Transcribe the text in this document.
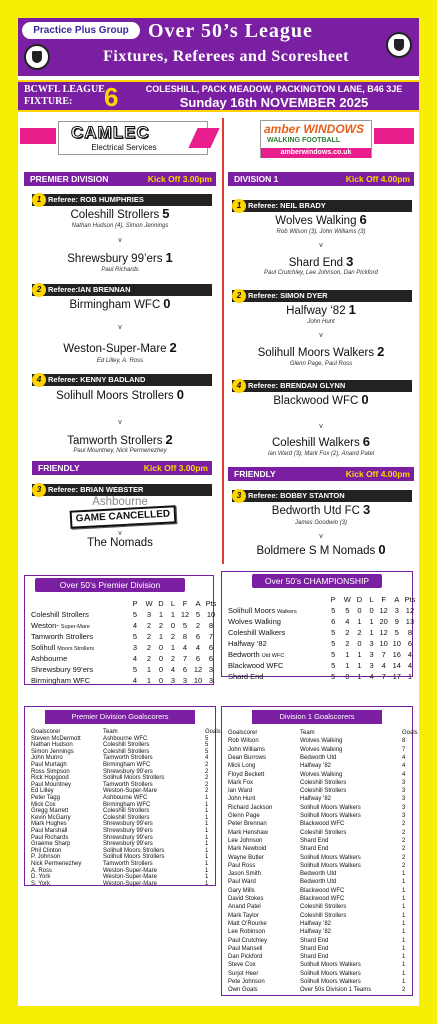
Practice Plus Group Over 50’s League
Fixtures, Referees and Scoresheet
BCWFL LEAGUE
FIXTURE:	6	COLESHILL, PACK MEADOW, PACKINGTON LANE, B46 3JE
Sunday 16th NOVEMBER 2025
CAMLEC
Electrical Services
amber WINDOWS
WALKING FOOTBALL
amberwindows.co.uk
PREMIER DIVISION	Kick Off 3.00pm
1 Referee: ROB HUMPHRIES
Coleshill Strollers 5
Nathan Hudson (4), Simon Jennings
v
Shrewsbury 99’ers 1
Paul Richards
2 Referee:IAN BRENNAN
Birmingham WFC 0
v
Weston-Super-Mare 2
Ed Lilley, A. Ross
4 Referee: KENNY BADLAND
Solihull Moors Strollers 0
v
Tamworth Strollers 2
Paul Mountney, Nick Permenezhey
FRIENDLY	Kick Off 3.00pm
3 Referee: BRIAN WEBSTER
Ashbourne
GAME CANCELLED
v
The Nomads
DIVISION 1	Kick Off 4.00pm
1 Referee: NEIL BRADY
Wolves Walking 6
Rob Wilson (3), John Williams (3)
v
Shard End 3
Paul Crutchley, Lee Johnson, Dan Pickford
2 Referee: SIMON DYER
Halfway ‘82 1
John Hunt
v
Solihull Moors Walkers 2
Glenn Page, Paul Ross
4 Referee: BRENDAN GLYNN
Blackwood WFC 0
v
Coleshill Walkers 6
Ian Ward (3), Mark Fox (2), Anand Patel
FRIENDLY	Kick Off 4.00pm
3 Referee: BOBBY STANTON
Bedworth Utd FC 3
James Goodwin (3)
v
Boldmere S M Nomads 0
Over 50’s Premier Division
P	W D L	F	A Pts
Coleshill Strollers	5	3	1	1 12 5 10
Weston- Super-Mare	4	2	2	0	5	2	8
Tamworth Strollers	5	2	1	2	8	6	7
Solihull Moors Strollers	3	2	0	1	4	4	6
Ashbourne	4	2	0	2	7	6	6
Shrewsbury 99’ers	5	1	0	4	6 12 3
Birmingham WFC	4	1	0	3	3 10 3
Over 50’s CHAMPIONSHIP
P	W D L	F	A Pts
Solihull Moors Walkers	5	5	0	0 12 3 12
Wolves Walking	6	4	1	1 20 9 13
Coleshill Walkers	5	2	2	1 12 5	8
Halfway ‘82	5	2	0	3 10 10 6
Bedworth Utd WFC	5	1	1	3	7 16 4
Blackwood WFC	5	1	1	3	4 14 4
Shard End	5	0	1	4	7 17 1
Premier Division Goalscorers
Goalscorer	Team	Goals
Steven McDermott	Ashbourne WFC	5
Nathan Hudson	Coleshill Strollers	5
Simon Jennings	Coleshill Strollers	5
John Munro	Tamworth Strollers	4
Paul Murtagh	Birmingham WFC	2
Ross Simpson	Shrewsbury 99’ers	2
Rick Hopgood	Solihull Moors Strollers	2
Paul Mountney	Tamworth Strollers	2
Ed Lilley	Weston-Super-Mare	2
Peter Tagg	Ashbourne WFC	1
Mick Cox	Birmingham WFC	1
Gregg Marrett	Coleshill Strollers	1
Kevin McGarry	Coleshill Strollers	1
Mark Hughes	Shrewsbury 99’ers	1
Paul Marshall	Shrewsbury 99’ers	1
Paul Richards	Shrewsbury 99’ers	1
Graeme Sharp	Shrewsbury 99’ers	1
Phil Clinton	Solihull Moors Strollers	1
P. Johnson	Solihull Moors Strollers	1
Nick Permenezhey	Tamworth Strollers	1
A. Ross	Weston-Super-Mare	1
D. York	Weston-Super-Mare	1
S. York	Weston-Super-Mare	1
Division 1 Goalscorers
Goalscorer	Team	Goals
Rob Wilson	Wolves Walking	8
John Williams	Wolves Walking	7
Dean Burrows	Bedworth Utd	4
Mick Long	Halfway ‘82	4
Floyd Beckett	Wolves Walking	4
Mark Fox	Coleshill Strollers	3
Ian Ward	Coleshill Strollers	3
John Hunt	Halfway ‘82	3
Richard Jackson	Solihull Moors Walkers	3
Glenn Page	Solihull Moors Walkers	3
Peter Brennan	Blackwood WFC	2
Mark Henshaw	Coleshill Strollers	2
Lee Johnson	Shard End	2
Mark Newbold	Shard End	2
Wayne Butler	Solihull Moors Walkers	2
Paul Ross	Solihull Moors Walkers	2
Jason Smith	Bedworth Utd	1
Paul Ward	Bedworth Utd	1
Gary Mills	Blackwood WFC	1
David Stokes	Blackwood WFC	1
Anand Patel	Coleshill Strollers	1
Mark Taylor	Coleshill Strollers	1
Matt O’Rourke	Halfway ‘82	1
Lee Robinson	Halfway ‘82	1
Paul Crutchley	Shard End	1
Paul Mansell	Shard End	1
Dan Pickford	Shard End	1
Steve Cox	Solihull Moors Walkers	1
Surjot Heer	Solihull Moors Walkers	1
Pete Johnson	Solihull Moors Walkers	1
Own Goals	Over 50s Division 1 Teams	2
